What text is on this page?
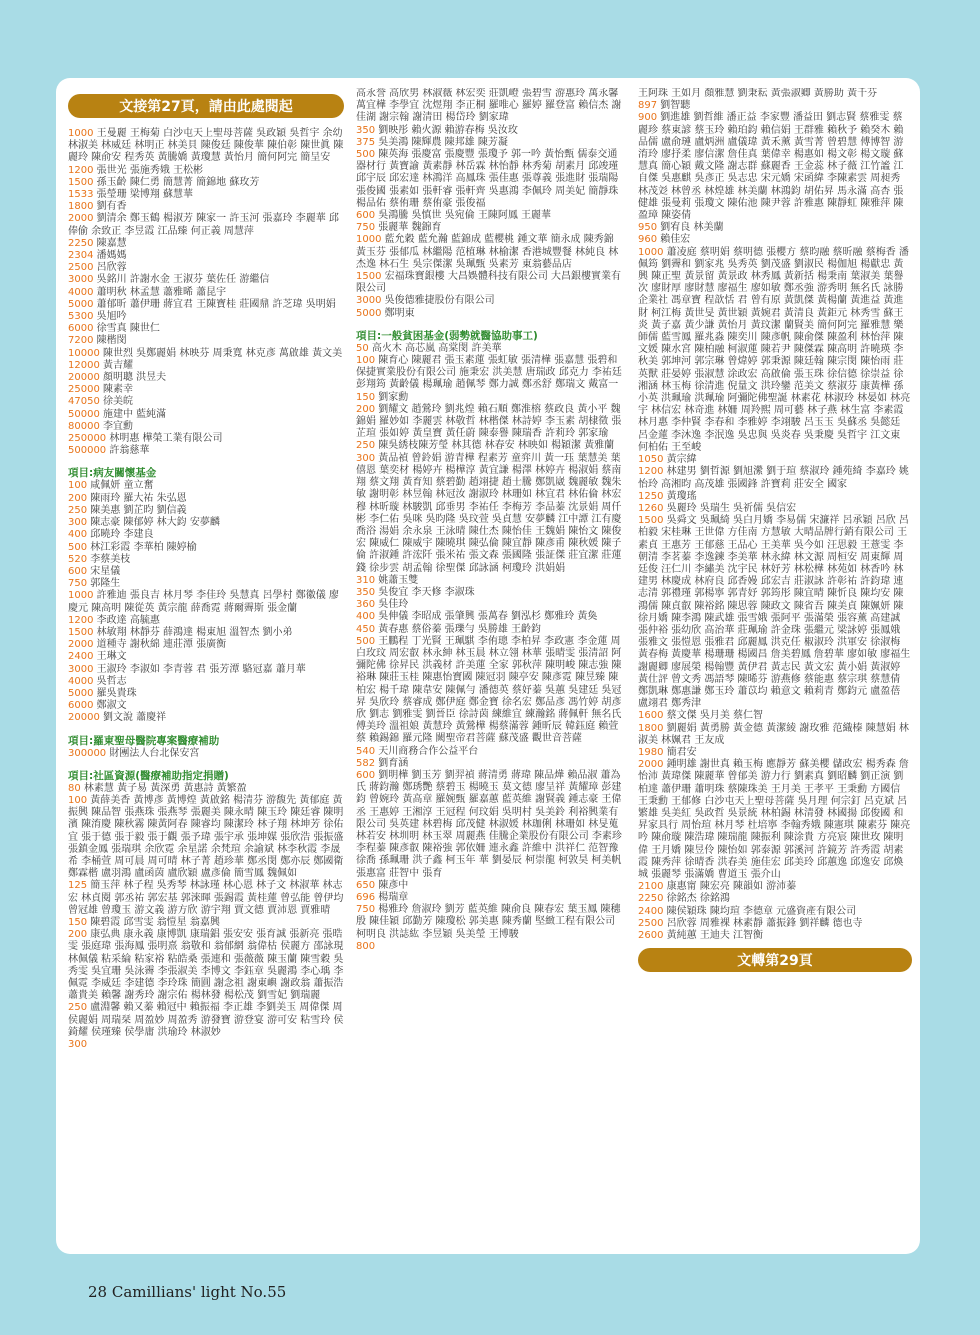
文接第27頁，請由此處閱起
1000 王曼麗 王梅菊 白沙屯天上聖母菩薩 吳政穎 吳哲宇 余幼 林淑美 林威廷 林明正 林美貝 陳俊廷 陳俊華 陳伯彰 陳世眞 陳麗玲 陳俞安 程秀英 黃騰嬌 黃瓊慧 黃怡月 簡何阿完 簡呈安
1200 張世光 張施秀娥 王松彬
1500 孫玉齡 陳仁勇 簡慧菁 簡錦地 蘇玫芳
1533 張瑩珊 梁博翔 蘇慧華
1800 劉有香
2000 劉清余 鄭玉鶴 楊淑芳 陳家一 許玉河 張嘉玲 李麗華 邱俸偷 余致正 李昱霞 江品臻 何正義 周慧萍
2250 陳嘉慧
2304 潘媽媽
2500 呂欣蓉
3000 吳銘川 許謝水金 王淑芬 葉佐任 游繼信
4000 蕭明秋 林孟慧 蕭雅晞 蕭昆宇
5000 蕭郁昕 蕭伊珊 蔣宜君 王陳寶桂 莊國鼎 許芝瑋 吳明娟
5300 吳旭吟
6000 徐雪真 陳世仁
7200 陳楷閔
10000 陳世烈 吳鄭麗娟 林映芬 周秉寬 林克彥 萬啟雄 黃文美
12000 黃吉耀
20000 顏明聰 洪昱夫
25000 陳素幸
47050 徐美皖
50000 施建中 藍純滿
80000 李宜勳
250000 林明惠 樺榮工業有限公司
500000 許翁慈華
項目:病友關懷基金
100 咸佩妍 童立奮
200 陳雨玲 羅大祐 朱弘恩
250 陳美惠 劉芷昀 劉信義
300 陳志豪 陳郁婷 林大鈞 安夢麟
400 邱曉玲 李建良
500 林江彩霞 李華柏 陳婷榆
520 李蔡美枝
600 宋星儀
750 郭隆生
1000 許雅迪 張良吉 林月琴 李佳玲 吳慧真 呂學村 鄭徽儀 廖慶元 陳高明 陳從英 黃宗龍 薛喬霓 蔣爾霽斯 張金蘭
1200 李政達 高毓惠
1500 林敏翔 林靜芬 薛鴻達 楊東旭 溫智杰 劉小弟
2000 道種寺 謝秋綿 連莊潭 張廣衡
2400 王琳文
3000 王淑玲 李淑如 李青蓉 君 張芳潭 駱冠嘉 蕭月華
4000 吳哲志
5000 羅吳貴珠
6000 鄭淑文
20000 劉文說 蕭慶祥
項目:羅東聖母醫院專案醫療補助
300000 財團法人台北保安宮
項目:社區資源(醫療補助指定捐贈)
80 林素慧 黃子易 黃深勇 黃惠詩 黃繁盈
100 黃薛美香 黃博彥 黃博煌 黃啟銘 楊清芬 游馥先 黃郁庭 黃振興 陳品智 張燕珠 張燕琴 張麗美 陳永晴 陳玉玲 陳廷睿 陳明濱 陳淯慶 陳秋霧 陳黃阿春 陳睿均 陳潔玲 林子翔 林坤芳 徐佑宜 張于德 張于毅 張于觀 張予瑋 張宇承 張坤媒 張欣浩 張振盛 張鎮金鳳 張瑞琪 余欣霓 余星諾 余梵瑄 余諭斌 林李秋霞 李晟希 李桶萱 周可晨 周可晴 林子菁 趙珍華 鄭丞閔 鄭亦辰 鄭國衛 鄭霖楷 盧羽鴻 盧函茵 盧欣穎 盧彥倫 簡雪鳳 魏佩如
125 簡玉萍 林子程 吳秀琴 林詠瑾 林心恩 林子文 林淑華 林志宏 林貞閱 郭丞祐 郭宏基 郭淶暉 張錫霞 黃桂蓮 曾弘能 曾伊均 曾冠雄 曾瓊玉 游文義 游方欣 游宇翔 賈文德 賈沛恩 賈雅晴
150 陳碧霞 邱雪雯 翁愷星 翁嘉興
200 康弘典 康永義 康博凱 康瑞錩 張安安 張育誠 張新亮 張晧雯 張庭瑋 張海鳳 張明熹 翁敬和 翁郁網 翁偉枯 侯麗方 邵詠現 林佩儀 粘采綸 粘家裕 粘皓桑 張連和 張薇薇 陳玉蘭 陳雪穀 吳秀雯 吳宜珊 吳泳霽 李張淑美 李博文 李鈺章 吳麗鴻 李心瑀 李佩霓 李威廷 李建德 李玲珠 簡圓 謝念祖 謝東嶼 謝政翁 蕭振浩 蕭貴美 賴馨 謝秀玲 謝宗佑 楊林發 楊松茂 劉雪妃 劉瑞麗
250 盧淵馨 賴又蓁 賴冠中 賴振福 李正雄 李劉美玉 周偉傑 周侯麗娟 周瑞栞 周盈妙 周盈秀 游發寶 游登宴 游可安 粘雪玲 侯錡耀 侯瑾臻 侯學庸 洪瑜玲 林淑妙
300
高永誉 高欣男 林淑薇 林宏奕 莊凱嶝 張碧雪 游惠玲 萬永馨 萬宜樺 李學宜 沈煜翔 李正桐 羅唯心 羅婷 羅登富 賴信杰 謝佳湖 謝宗翰 謝清田 楊岱玲 劉家瑋
350 劉映彤 賴火源 賴游春梅 吳汝玫
375 吳美鴻 陳輝農 陳邦雄 陳芳凝
500 陳英海 張慶富 張慶豐 張瓊予 郭一吟 黃怡甄 儒泰交通器材行 黃寶諭 黃素靜 林岳霖 林怡靜 林秀菊 胡素月 邱竣瑾 邱宇辰 邱宏達 林鴻洋 高鳳珠 張佳惠 張尊義 張進財 張瑞陽 張俊國 張素如 張軒睿 張軒齊 吳惠鴻 李佩玲 周美妃 簡靜珠 楊品佑 蔡侑珊 蔡侑豪 張俊福
600 吳鴻騰 吳慎世 吳宛倫 王陳阿鳳 王麗華
750 張麗華 魏錦育
1000 藍允穀 藍允瀚 藍錦成 藍櫻桃 鍾文華 簡永成 陳秀錦 黃玉芬 張郁瓜 林繼陽 范植琳 林榆潔 香港城豐餐 林純良 林杰逸 林石生 吳宗傑潔 吳珮甄 吳素芳 東翁藝品店
1500 宏福珠寶銀樓 大昌娛體科技有限公司 大昌銀樓實業有限公司
3000 吳俊德雅捷股份有限公司
5000 鄭明東
項目:一般貧困基金(弱勢就醫協助事工)
50 高火木 高芯嵐 高棠閔 許美華
100 陳育心 陳麗君 張玉素蓮 張虹敏 張清樺 張嘉慧 張碧和 保捷實業股份有限公司 施秉宏 洪美慧 唐瑞政 邱克力 李祐廷 彭翔筠 黃齡儀 楊珮瑜 趙佩琴 鄭力誠 鄭丞舒 鄭瑞文 戴富一
150 劉家勳
200 劉耀文 趙鶯玲 劉兆煌 賴石順 鄭淮榕 蔡政良 黃小平 魏錦娟 羅妙如 李麗雲 林敬哲 林楷傑 林詩婷 李玉素 胡棣徵 張芷瑄 張如婷 黃皇寶 黃任蔚 陳泰譽 陳瑞香 許莉玲 郭家瑜
250 陳吳綉枝陳芳瑩 林其德 林春安 林映如 楊穎潔 黃雅蘭
300 黃品禎 曾鈴娟 游青樺 程素芳 童弈川 黃一珏 葉慧美 葉僖恩 葉奕材 楊婷卉 楊樺淳 黃宜謙 楊澤 林婷卉 楊淑娟 蔡南翔 蔡文翔 黃育知 蔡碧勤 趙翊捷 趙士騰 鄭凱崴 魏麗敏 魏朱敏 謝明彰 林昱翰 林冠汝 謝淑玲 林珊如 林宜君 林佑倫 林宏穆 林昕璇 林駿凱 邱垂男 李祐任 李梅芳 李品蓁 沈景娟 周仟彬 李仁佑 吳咪 吳昀隆 吳玟萱 吳貞慧 安夢麟 江中譚 江有慶 喬浴 湯娟 余永泉 王泳晴 陳仕杰 陳怡佳 王魏娟 陳怡文 陳俊宏 陳威仁 陳威宇 陳曉琪 陳弘倫 陳宜靜 陳彥甫 陳秋媛 陳子倫 許淑鍾 許浤阡 張米祐 張文森 張國隆 張証傑 莊宜潔 莊蓮錢 徐步雲 胡孟翰 徐聖傑 邱詠涵 柯瓊玲 洪娟娟
310 姚蕭玉雙
350 吳俊宜 李天修 李淑珠
360 吳佳玲
400 吳伸儀 李昭成 張肇興 張萬春 劉泓杉 鄭雅玲 黃奐
450 黃春惠 蔡俗蓁 張瓅勻 吳勝雄 王齡鈞
500 王鵬程 丁光賢 王珮騏 李侑璁 李柏昇 李政憲 李金蓮 周白玫玟 周宏叡 林永紳 林玉晨 林立翎 林華 張晴雯 張清詔 阿彌陀佛 徐昇民 洪義材 許美蓮 全家 郭秋萍 陳明峻 陳志強 陳裕琳 陳莊玉桂 陳惠怡寶國 陳冠羽 陳亭安 陳彥霓 陳昱臻 陳柏宏 楊千瑋 陳韋安 陳佩勻 潘德英 蔡妤蓁 吳蕙 吳建廷 吳冠昇 吳欣玲 蔡睿成 鄭伊庭 鄭金寶 徐名宏 鄭品彥 馮竹婷 胡彥欣 劉志 劉雅雯 劉晉臣 徐詩茵 練維宜 練瀚銘 蔣佩軒 無名氏 傅美玲 溫祖娘 黃慧玲 黃鶯樺 楊蔡滿蓉 鍾昕辰 韓鈺庭 賴萱蔡 賴錫錦 羅元隆 闕聖帝君菩薩 蘇茂盛 觀世音菩薩
540 天川商務合作公益平台
582 劉育涵
600 劉明樺 劉玉芳 劉羿禎 蔣清勇 蔣瑋 陳品燁 賴品淑 蕭為氏 蔣鈞瀚 鄭琇艷 蔡碧玉 楊曉玉 莫文德 廖呈祥 黃耀璋 彭建鈞 曾婉玲 黃高章 羅婉甄 羅嘉蕙 藍英維 謝賢義 鍾志豪 王偉丞 王惠婷 王湘淳 王冠程 何玟娟 吳明村 吳美鈴 利裕興業有限公司 吳英建 林碧梅 邱茂健 林淑媛 林珈俐 林珊如 林旻蒐 林若安 林圳明 林玉翠 周麗燕 佳騰企業股份有限公司 李素珍 李程蓁 陳彥叡 陳裕強 郭依姍 連永鑫 許維中 洪祥仁 范智豫 徐喬 孫珮珊 洪子鑫 柯玉年 華 劉晏辰 柯崇龍 柯敦昊 柯美帆 張惠富 莊智中 張育
650 陳彥中
696 楊瑞章
750 楊雅玲 詹淑玲 劉芳 藍英維 陳俞良 陳春宏 葉玉鳳 陳穗殷 陳佳穎 邱勤芳 陳瓊松 郭美惠 陳秀蘭 堅緻工程有限公司 柯明良 洪誌紘 李昱穎 吳美瑩 王博駿
800
王阿珠 王如月 顏雅慧 劉秉耘 黃張淑卿 黃勝助 黃千芬
897 劉智聽
900 劉進雄 劉哲維 潘正益 李家豐 潘益田 劉志賢 蔡雅雯 蔡麗珍 蔡東諺 蔡玉玲 賴珀鈞 賴信娟 王群雅 賴秋予 賴癸木 賴品儒 盧俞璉 盧炳洲 盧儀瑋 黃禾薰 黃雪菁 曾碧慧 傅博智 游淯玲 廖抒柔 廖信潔 詹佳真 葉偉幸 楊惠如 楊文彰 楊文璇 蘇慧真 簡心穎 戴文隆 謝志群 蘇麗香 王金蕊 林子薇 江竹謐 江自傑 吳惠麒 吳彥正 吳志忠 宋元嬌 宋函緯 李陳素雲 周昶秀 林茂彣 林曾丞 林煌雄 林美蘭 林鴻鈞 胡佑昇 馬永滿 高杏 張健雄 張曼莉 張瓊文 陳佑池 陳尹蓉 許雅惠 陳靜虹 陳雅萍 陳盈璋 陳姿倩
950 劉宥良 林美蘭
960 賴佳宏
1000 蕭凌庭 蔡明娟 蔡明德 張櫻方 蔡昀融 蔡昕融 蔡梅香 潘佩筠 劉霽和 劉家兆 吳秀英 劉茂盛 劉淑民 楊伽旭 楊獻忠 黃興 陳正聖 黃景留 黃景政 林秀鳳 黃新括 楊秉南 葉淑美 葉譽次 廖財厚 廖財慧 廖福生 廖如敏 鄭丞強 游秀明 無名氏 詠勝企業社 馮章寶 程歆恬 君 曾有原 黃凱傑 黃楊蘭 黃進益 黃進財 柯江梅 黃世旻 黃世穎 黃婉君 黃清良 黃鉅元 林秀雪 蘇王炎 黃子嘉 黃少謙 黃怡月 黃玟潔 蘭賢美 簡何阿完 羅雅慧 樂師儒 藍雪鳳 羅兆淼 陳奕川 陳彥帆 陳俞傑 陳盈利 林怡萍 陳文媛 陳水宮 陳柏融 柯淑蓮 陳若尹 陳傑霖 陳高明 許曉瑛 李秋美 郭坤河 郭宗琳 曾煒婷 郭秉源 陳廷翰 陳宗閔 陳怡雨 莊英獸 莊晏婷 張淑慧 涂政宏 高啟倫 張玉珠 徐信德 徐崇益 徐湘涵 林玉梅 徐清進 倪量文 洪玲鑾 范美文 蔡淑芬 康黃樺 孫小英 洪珮瑜 洪珮瑜 阿彌陀佛聖誕 林素花 林淑玲 林晏如 林亮宇 林信宏 林奇進 林姍 周羚熙 周可藝 林子燕 林生富 李素霞 林月惠 李仲賢 李春和 李雅婷 李翊駿 呂玉玉 吳蘇丞 吳懿廷 呂金蓮 李沐逸 李泯逸 吳忠與 吳炎春 吳秉慶 吳哲宇 江文東 何柏佑 王至峻
1050 黃宗緯
1200 林建男 劉哲源 劉旭瀠 劉于瑄 蔡淑玲 鍾苑綺 李嘉玲 姚怡玲 高湘昀 高茂雄 張國鋒 許寶莉 莊安全 國家
1250 黃瓊瑤
1260 吳麗玲 吳瑞生 吳祈儒 吳信宏
1500 吳舜文 吳珮綺 吳白月嬌 李易儒 宋濂祥 呂承穎 呂欣 呂柏毅 宋桂琳 王世偉 方佳南 方慧敏 大晴品牌行銷有限公司 王素貞 王惠芳 王郁慈 王品心 王美華 吳今如 汪思毅 王薏雯 李朝清 李茗蓁 李逸鍊 李美華 林永緯 林文源 周桓安 周東輝 周廷俊 汪仁川 李繡美 沈宇民 林妤芳 林松樺 林苑如 林香吟 林建男 林慶成 林府良 邱香嫚 邱宏吉 莊淑詠 許彰祐 許鈞瑋 連志清 郭禮瑾 郭楊寧 郭青妤 郭筠彤 陳宜晴 陳忻良 陳均安 陳鴻儒 陳貞叡 陳裕銘 陳思蓉 陳政文 陳省吾 陳美貞 陳姵妍 陳徐月嬌 陳李鴻 陳武雄 張雪娥 張阿平 張滿榮 張容薰 高建誠 張仲裕 張幼欣 高治華 莊珮瑜 許金珠 張繼元 梁詠婷 張鳳娥 張雅文 張愷恩 張雅君 邱麗鳳 洪克任 椒淑玲 洪軍安 徐淑梅 黃春梅 黃慶華 楊珊珊 楊國昌 詹美碧鳳 詹碧華 廖如敏 廖福生 謝麗卿 廖展榮 楊翰豐 黃伊君 黃志民 黃文宏 黃小娟 黃淑婷 黃仕評 曾文秀 馮語琴 陳晞芬 游燕修 蔡能惠 蔡宗琪 蔡慧倩 鄭凱琳 鄭惠謙 鄭玉玲 蕭苡均 賴意文 賴莉青 鄭鈞元 盧盈蓓 盧翊君 鄭秀津
1600 蔡文傑 吳月美 蔡仁智
1800 劉麗娟 黃勇勝 黃金德 黃潔綾 謝玫雅 范織榛 陳慧娟 林淑美 林姵君 王友成
1980 簡君安
2000 鍾明雄 謝世真 賴玉梅 應靜芳 蘇美櫻 儲政宏 楊秀森 詹怡沛 黃瑋傑 陳麗華 曾郁美 游力行 劉素真 劉昭麟 劉正演 劉柏達 蕭伊珊 蕭明珠 蔡陳珠美 王月美 王孝平 王秉勳 方國信 王秉勳 王郁修 白沙屯天上聖母菩薩 吳月理 何宗釘 呂克斌 呂繁雄 吳美紅 吳政哲 吳景統 林柏錫 林清發 林國揚 邱俊國 和昇家具行 周怡瑄 林月琴 杜培寧 李翰秀娥 陳憲琪 陳素芬 陳亮吟 陳俞璇 陳浩瑋 陳瑞龍 陳振利 陳涂貴 方亮宸 陳世玫 陳明偉 王月嬌 陳昱伶 陳怡如 郭泰源 郭溪河 許鏡芳 許秀霞 胡素霞 陳秀萍 徐晴香 洪春美 施佳宏 邱美玲 邱蕙逸 邱逸安 邱煥城 張麗琴 張滿嬌 曹道玉 張介山
2100 康惠甯 陳宏亮 陳韻如 游沛蓁
2250 徐銘杰 徐銘鴻
2400 陳侯穎珠 陳均瑄 李德章 元盛資產有限公司
2500 呂欣蓉 周雅裸 林素靜 蕭振鋒 劉祥麟 德也寺
2600 黃純蕙 王迪夫 江智衡
文轉第29頁
28 Camillians' light No.55
